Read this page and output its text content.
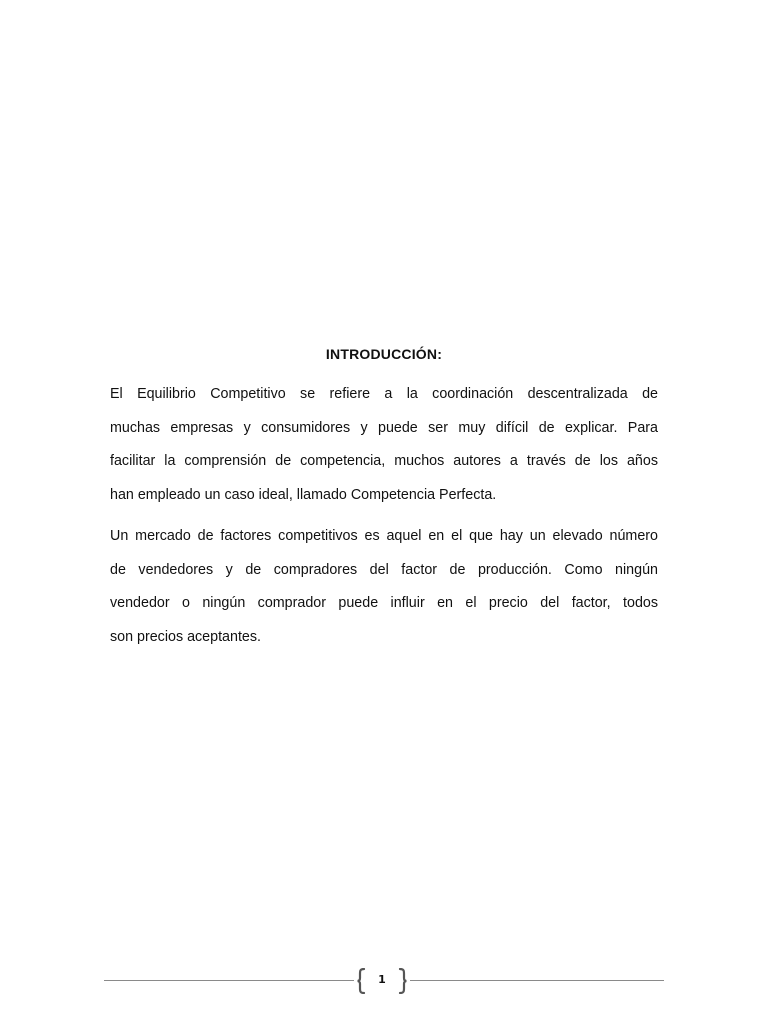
INTRODUCCIÓN:
El Equilibrio Competitivo se refiere a la coordinación descentralizada de
muchas empresas y consumidores y puede ser muy difícil de explicar. Para
facilitar la comprensión de competencia, muchos autores a través de los años
han empleado un caso ideal, llamado Competencia Perfecta.
Un mercado de factores competitivos es aquel en el que hay un elevado número
de vendedores y de compradores del factor de producción. Como ningún
vendedor o ningún comprador puede influir en el precio del factor, todos
son precios aceptantes.
1
